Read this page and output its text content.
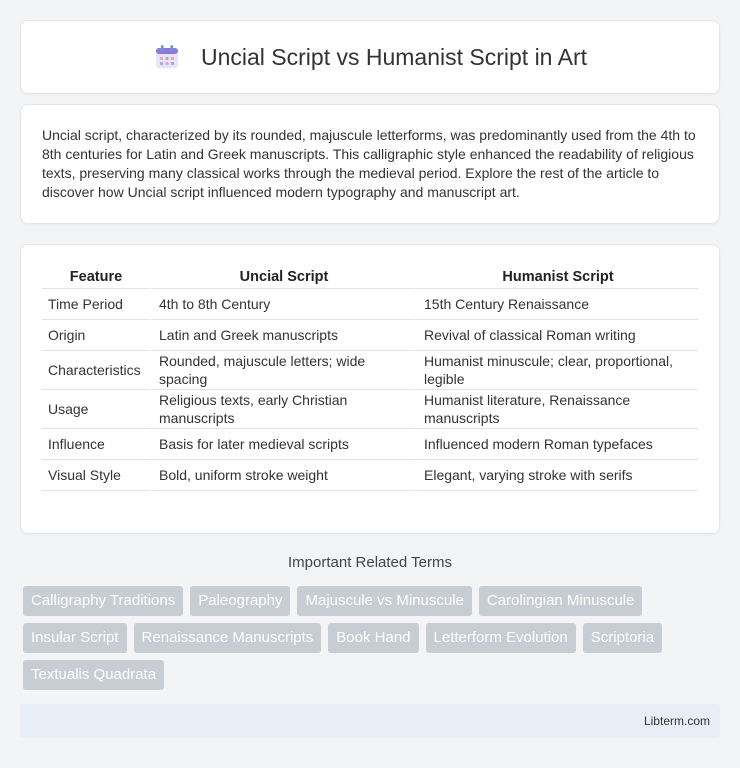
Uncial Script vs Humanist Script in Art
Uncial script, characterized by its rounded, majuscule letterforms, was predominantly used from the 4th to 8th centuries for Latin and Greek manuscripts. This calligraphic style enhanced the readability of religious texts, preserving many classical works through the medieval period. Explore the rest of the article to discover how Uncial script influenced modern typography and manuscript art.
Feature	Uncial Script	Humanist Script
Time Period	4th to 8th Century	15th Century Renaissance
Origin	Latin and Greek manuscripts	Revival of classical Roman writing
Characteristics	Rounded, majuscule letters; wide spacing	Humanist minuscule; clear, proportional, legible
Usage	Religious texts, early Christian manuscripts	Humanist literature, Renaissance manuscripts
Influence	Basis for later medieval scripts	Influenced modern Roman typefaces
Visual Style	Bold, uniform stroke weight	Elegant, varying stroke with serifs
Important Related Terms
Calligraphy Traditions	Paleography	Majuscule vs Minuscule	Carolingian Minuscule
Insular Script	Renaissance Manuscripts	Book Hand	Letterform Evolution	Scriptoria
Textualis Quadrata
Libterm.com
